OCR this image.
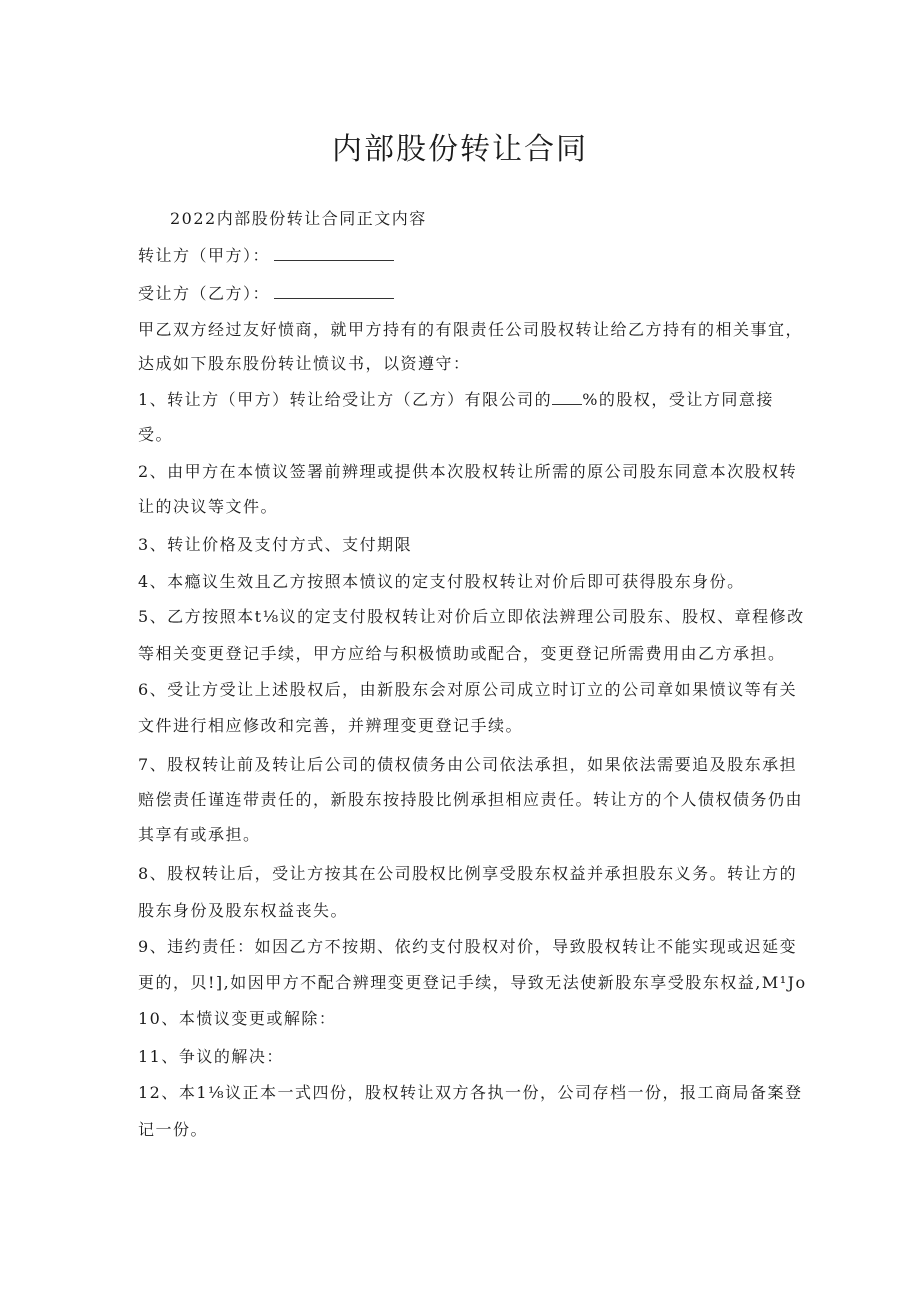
内部股份转让合同
2022内部股份转让合同正文内容
转让方（甲方）：
受让方（乙方）：
甲乙双方经过友好愤商，就甲方持有的有限责任公司股权转让给乙方持有的相关事宜，
达成如下股东股份转让愤议书，以资遵守：
1、转让方（甲方）转让给受让方（乙方）有限公司的 %的股权，受让方同意接
受。
2、由甲方在本愤议签署前辨理或提供本次股权转让所需的原公司股东同意本次股权转
让的决议等文件。
3、转让价格及支付方式、支付期限
4、本瘾议生效且乙方按照本愤议的定支付股权转让对价后即可获得股东身份。
5、乙方按照本t⅛议的定支付股权转让对价后立即依法辨理公司股东、股权、章程修改
等相关变更登记手续，甲方应给与积极愤助或配合，变更登记所需费用由乙方承担。
6、受让方受让上述股权后，由新股东会对原公司成立时订立的公司章如果愤议等有关
文件进行相应修改和完善，并辨理变更登记手续。
7、股权转让前及转让后公司的债权债务由公司依法承担，如果依法需要追及股东承担
赔偿责任谨连带责任的，新股东按持股比例承担相应责任。转让方的个人债权债务仍由
其享有或承担。
8、股权转让后，受让方按其在公司股权比例享受股东权益并承担股东义务。转让方的
股东身份及股东权益丧失。
9、违约责任：如因乙方不按期、依约支付股权对价，导致股权转让不能实现或迟延变
更的，贝!],如因甲方不配合辨理变更登记手续，导致无法使新股东享受股东权益,M¹Jo
10、本愤议变更或解除：
11、争议的解决：
12、本1⅛议正本一式四份，股权转让双方各执一份，公司存档一份，报工商局备案登
记一份。
